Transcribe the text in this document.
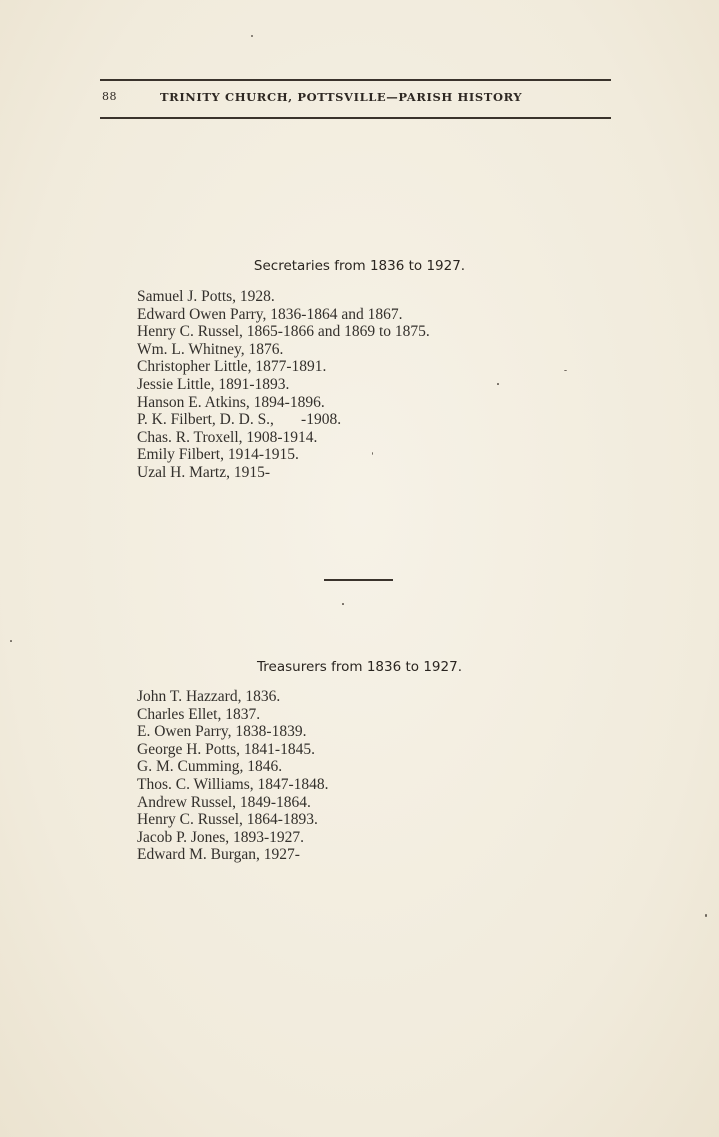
88	TRINITY CHURCH, POTTSVILLE—PARISH HISTORY
Secretaries from 1836 to 1927.
Samuel J. Potts, 1928.
Edward Owen Parry, 1836-1864 and 1867.
Henry C. Russel, 1865-1866 and 1869 to 1875.
Wm. L. Whitney, 1876.
Christopher Little, 1877-1891.
Jessie Little, 1891-1893.
Hanson E. Atkins, 1894-1896.
P. K. Filbert, D. D. S.,       -1908.
Chas. R. Troxell, 1908-1914.
Emily Filbert, 1914-1915.
Uzal H. Martz, 1915-
Treasurers from 1836 to 1927.
John T. Hazzard, 1836.
Charles Ellet, 1837.
E. Owen Parry, 1838-1839.
George H. Potts, 1841-1845.
G. M. Cumming, 1846.
Thos. C. Williams, 1847-1848.
Andrew Russel, 1849-1864.
Henry C. Russel, 1864-1893.
Jacob P. Jones, 1893-1927.
Edward M. Burgan, 1927-
